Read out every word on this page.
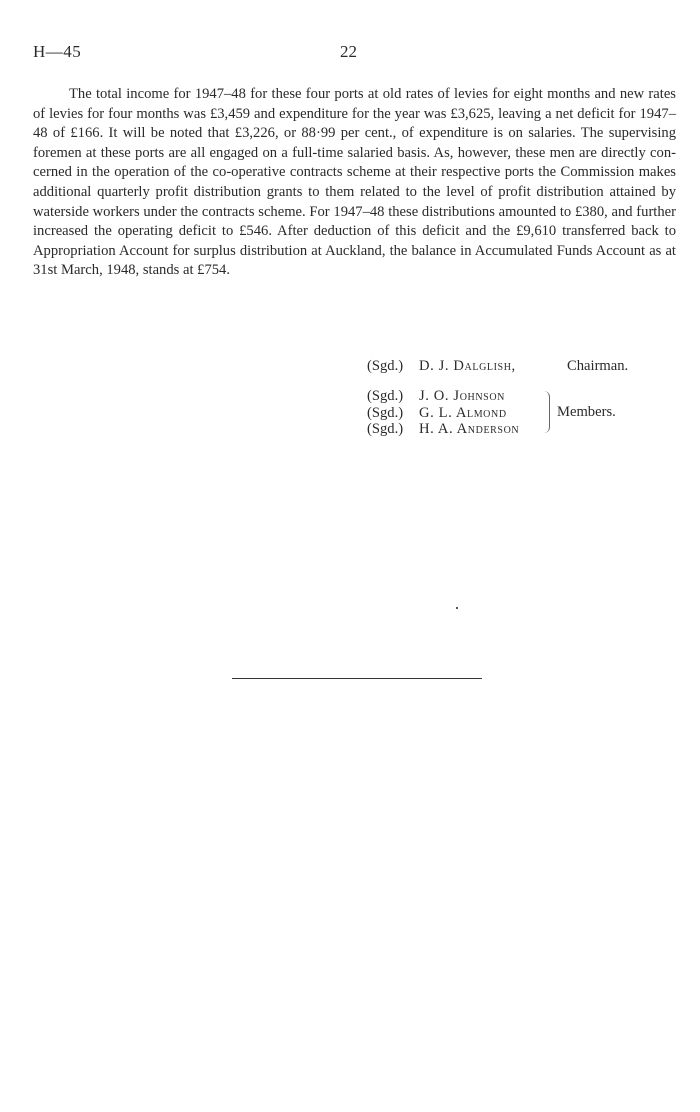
H—45	22

The total income for 1947–48 for these four ports at old rates of levies for eight months and new rates of levies for four months was £3,459 and expenditure for the year was £3,625, leaving a net deficit for 1947–48 of £166. It will be noted that £3,226, or 88·99 per cent., of expenditure is on salaries. The supervising foremen at these ports are all engaged on a full-time salaried basis. As, however, these men are directly concerned in the operation of the co-operative contracts scheme at their respective ports the Commission makes additional quarterly profit distribution grants to them related to the level of profit distribution attained by waterside workers under the contracts scheme. For 1947–48 these distributions amounted to £380, and further increased the operating deficit to £546. After deduction of this deficit and the £9,610 transferred back to Appropriation Account for surplus distribution at Auckland, the balance in Accumulated Funds Account as at 31st March, 1948, stands at £754.

(Sgd.) D. J. Dalglish,	Chairman.
(Sgd.) J. O. Johnson
(Sgd.) G. L. Almond
(Sgd.) H. A. Anderson
Members.
